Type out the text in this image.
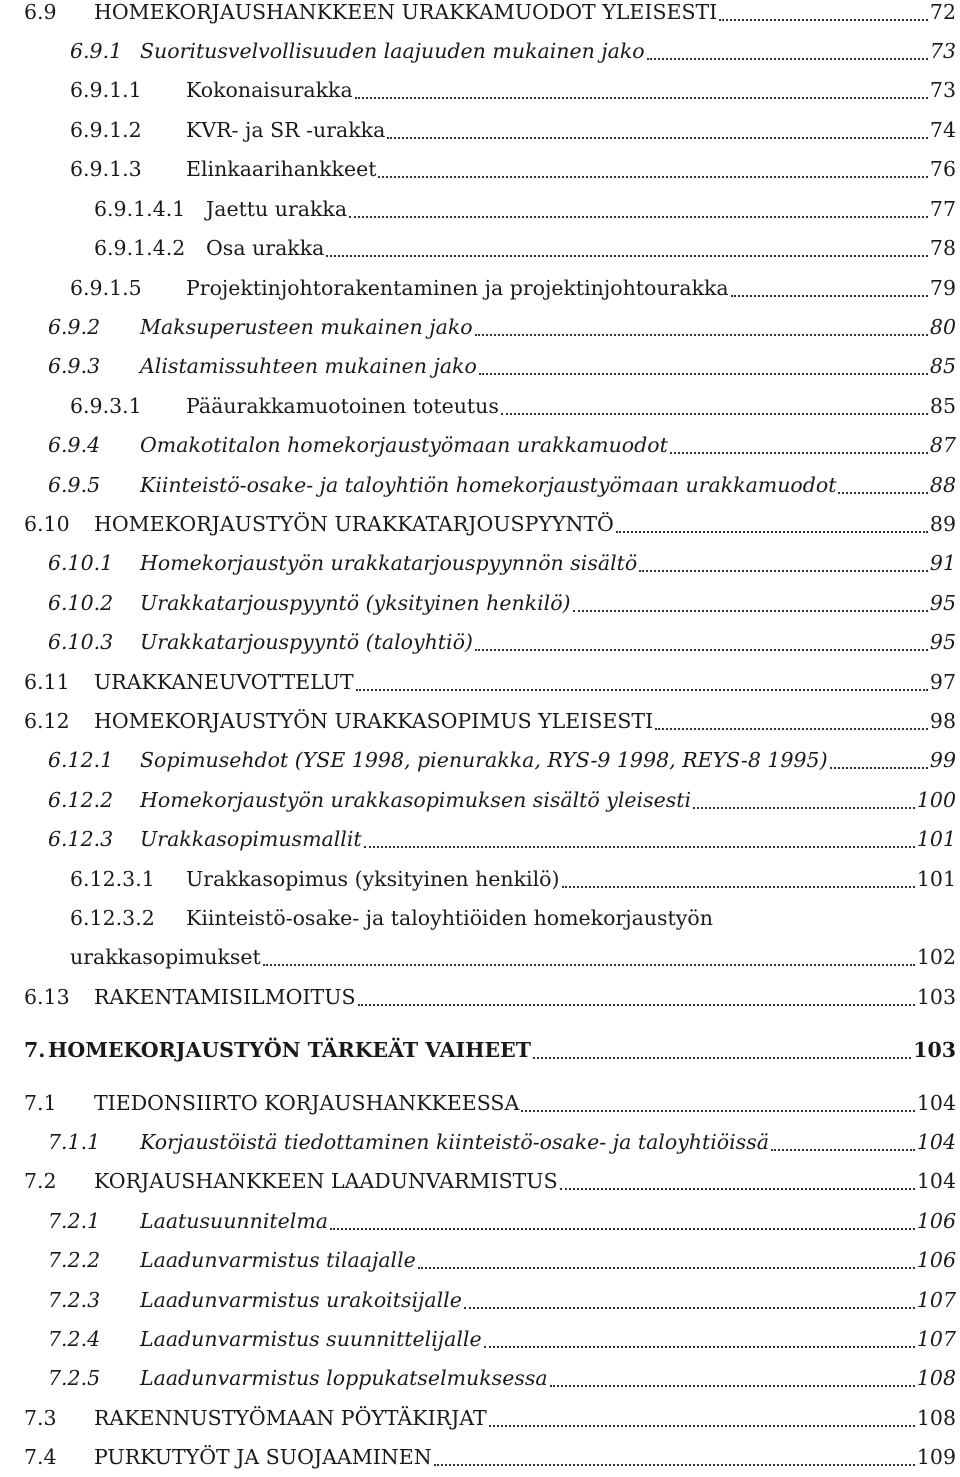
6.9 HOMEKORJAUSHANKKEEN URAKKAMUODOT YLEISESTI	72
6.9.1 Suoritusvelvollisuuden laajuuden mukainen jako	73
6.9.1.1 Kokonaisurakka	73
6.9.1.2 KVR- ja SR -urakka	74
6.9.1.3 Elinkaarihankkeet	76
6.9.1.4.1 Jaettu urakka	77
6.9.1.4.2 Osa urakka	78
6.9.1.5 Projektinjohtorakentaminen ja projektinjohtourakka	79
6.9.2 Maksuperusteen mukainen jako	80
6.9.3 Alistamissuhteen mukainen jako	85
6.9.3.1 Pääurakkamuotoinen toteutus	85
6.9.4 Omakotitalon homekorjaustyömaan urakkamuodot	87
6.9.5 Kiinteistö-osake- ja taloyhtiön homekorjaustyömaan urakkamuodot	88
6.10 HOMEKORJAUSTYÖN URAKKATARJOUSPYYNTÖ	89
6.10.1 Homekorjaustyön urakkatarjouspyynnön sisältö	91
6.10.2 Urakkatarjouspyyntö (yksityinen henkilö)	95
6.10.3 Urakkatarjouspyyntö (taloyhtiö)	95
6.11 URAKKANEUVOTTELUT	97
6.12 HOMEKORJAUSTYÖN URAKKASOPIMUS YLEISESTI	98
6.12.1 Sopimusehdot (YSE 1998, pienurakka, RYS-9 1998, REYS-8 1995)	99
6.12.2 Homekorjaustyön urakkasopimuksen sisältö yleisesti	100
6.12.3 Urakkasopimusmallit	101
6.12.3.1 Urakkasopimus (yksityinen henkilö)	101
6.12.3.2 Kiinteistö-osake- ja taloyhtiöiden homekorjaustyön
urakkasopimukset	102
6.13 RAKENTAMISILMOITUS	103
7. HOMEKORJAUSTYÖN TÄRKEÄT VAIHEET	103
7.1 TIEDONSIIRTO KORJAUSHANKKEESSA	104
7.1.1 Korjaustöistä tiedottaminen kiinteistö-osake- ja taloyhtiöissä	104
7.2 KORJAUSHANKKEEN LAADUNVARMISTUS	104
7.2.1 Laatusuunnitelma	106
7.2.2 Laadunvarmistus tilaajalle	106
7.2.3 Laadunvarmistus urakoitsijalle	107
7.2.4 Laadunvarmistus suunnittelijalle	107
7.2.5 Laadunvarmistus loppukatselmuksessa	108
7.3 RAKENNUSTYÖMAAN PÖYTÄKIRJAT	108
7.4 PURKUTYÖT JA SUOJAAMINEN	109
